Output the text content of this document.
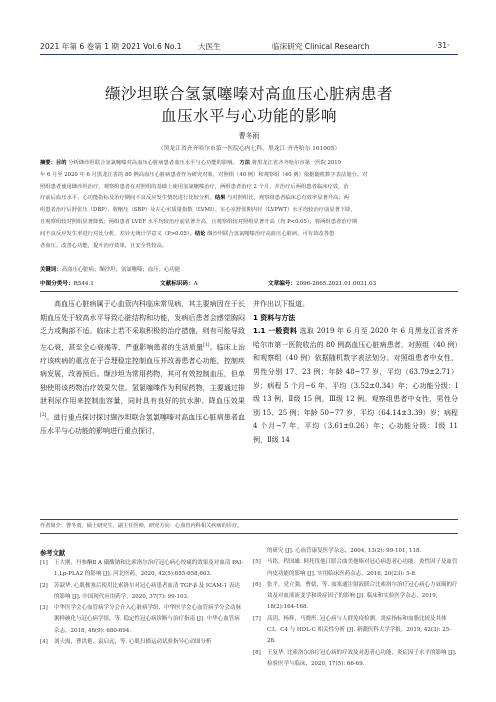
2021 年第 6 卷第 1 期 2021 Vol.6 No.1 大医生	临床研究 Clinical Research	·31·
缬沙坦联合氢氯噻嗪对高血压心脏病患者
血压水平与心功能的影响
曹冬雨
（黑龙江省齐齐哈尔市第一医院心内七科，黑龙江 齐齐哈尔 161005）
摘要：目的 分析缬沙坦联合氢氯噻嗪对高血压心脏病患者血压水平与心功能的影响。 方法 将黑龙江省齐齐哈尔市第一医院 2019
年 6 月至 2020 年 6 月黑龙江省的 80 例高血压心脏病患者作为研究对象，对照组（40 例）和观察组（40 例）依据随机数字表法划分。对
照组患者使用缬沙坦治疗，观察组患者在对照组的基础上使用氢氯噻嗪治疗，两组患者治疗 2 个月，并治疗后两组患者临床疗效，治
疗前后血压水平、心功能指标及治疗期间不良反应发生情况进行比较分析。结果 与对照组比，观察组患者临床总有效率显著升高；两
组患者治疗后舒张压（DBP）、收缩压（SBP）及左心室质量指数（LVMI）、室心室舒张期内径（LVPWT）水平均较治疗前显著下降，
且观察组较对照组显著降低；两组患者 LVEF 水平均较治疗前显著升高，且观察组较对照组显著升高（均 P<0.05）；将两组患者治疗期
间不良反应发生率进行对比分析，差异无统计学意义（P>0.05）。结论 缬沙坦联合氢氯噻嗪治疗高血压心脏病，可有效改善患
者血压、改善心功能，提升治疗效果，且安全性较高。
关键词：高血压心脏病；缬沙坦；氢氯噻嗪；血压；心功能
中图分类号：R544.1	文献标识码：A	文章编号：2096-2665.2021.01.0031.03

高血压心脏病属于心血管内科临床常见病，其主要病因在于长期血压处于较高水平导致心脏结构和功能，发病后患者会感觉胸闷乏力或胸部不适。临床上若不采取积极的治疗措施，则有可能导致左心衰，甚至全心衰竭等，严重影响患者的生活质量[1]。临床上治疗该疾病的重点在于合理稳定控制血压并改善患者心功能，控制疾病发展，改善预后。缬沙坦为常用药物，其可有效控制血压，但单独使用该药物治疗效果欠佳。氢氯噻嗪作为利尿药物，主要通过排泄利尿作用来控制血容量，同时具有良好的抗水肿、降血压效果[2]。进行重点探讨探讨缬沙坦联合氢氯噻嗪对高血压心脏病患者血压水平与心功能的影响进行重点探讨，

并作出以下报道。

1 资料与方法

1.1 一般资料 选取 2019 年 6 月至 2020 年 6 月黑龙江省齐齐哈尔市第一医院收治的 80 例高血压心脏病患者，对照组（40 例）和观察组（40 例）依据随机数字表法划分。对照组患者中女性，男性分别 17、23 例；年龄 48~77 岁，平均（63.79±2.71）岁；病程 5 个月~6 年，平均（3.52±0.34）年；心功能分级：Ⅰ级 13 例，Ⅱ级 15 例，Ⅲ级 12 例。观察组患者中女性，男性分别 15、25 例；年龄 50~77 岁，平均（64.14±3.39）岁；病程 4 个月~7 年，平均（3.61±0.26）年；心功能分级：Ⅰ级 11 例，Ⅱ级 14

作者简介：曹冬雨，硕士研究生，副主任医师，研究方向：心血管内科相关疾病的诊疗。
参考文献
[1]	王大刚，丹参酮Ⅱ A 磺酸钠和比索洛尔治疗冠心病心绞痛的效果及对血清 PAI-1,Lp-PLA2 的影响 [J]. 河北医药，2020, 42(5):655-658,663.
[2]	苏淑华. 心肌梗塞后使用比索洛尔对冠心病患者血清 TGF-β 及 ICAM-1 表达的影响 [J]. 中国现代应用药学，2020, 37(7): 99-103.
[3]	中华医学会心血管病学分会介入心脏病学组，中华医学会心血管病学分会动脉粥样硬化与冠心病学组，等. 稳定性冠心病诊断与治疗指南 [J]. 中华心血管病杂志，2018, 46(9): 680-694.
[4]	刘天霞，曹洪艳，袁启远，等. 心肌扫描运动试验指导心动图分析
的研究 [J]. 心血管康复医学杂志，2004, 13(2): 99-101, 118.
[5]	马铭，程国雄. 阿托伐他汀联合曲美他嗪对冠心病患者心功能、炎性因子及血管内皮功能的影响 [J]. 实用临床医药杂志，2016, 20(23): 5-8.
[6]	张平，党立强，曹婧，等. 血塞通注射液联合比索洛尔治疗冠心病心力衰竭的疗效及对血液流变学和炎症因子的影响 [J]. 临床和实验医学杂志，2019, 18(2):164-168.
[7]	高玥，杨辉，马晓彤. 冠心病与人群免疫检测、炎症指标和血脂比较及其体 C3、C4 与 HDL-C 相关性分析 [J]. 新疆医科大学学报，2019, 42(3): 25-28.
[8]	王复华. 比索洛尔治疗冠心病的疗效及对患者心功能、炎症因子水平的影响 [J]. 检验医学与临床，2020, 17(5): 66-69.
